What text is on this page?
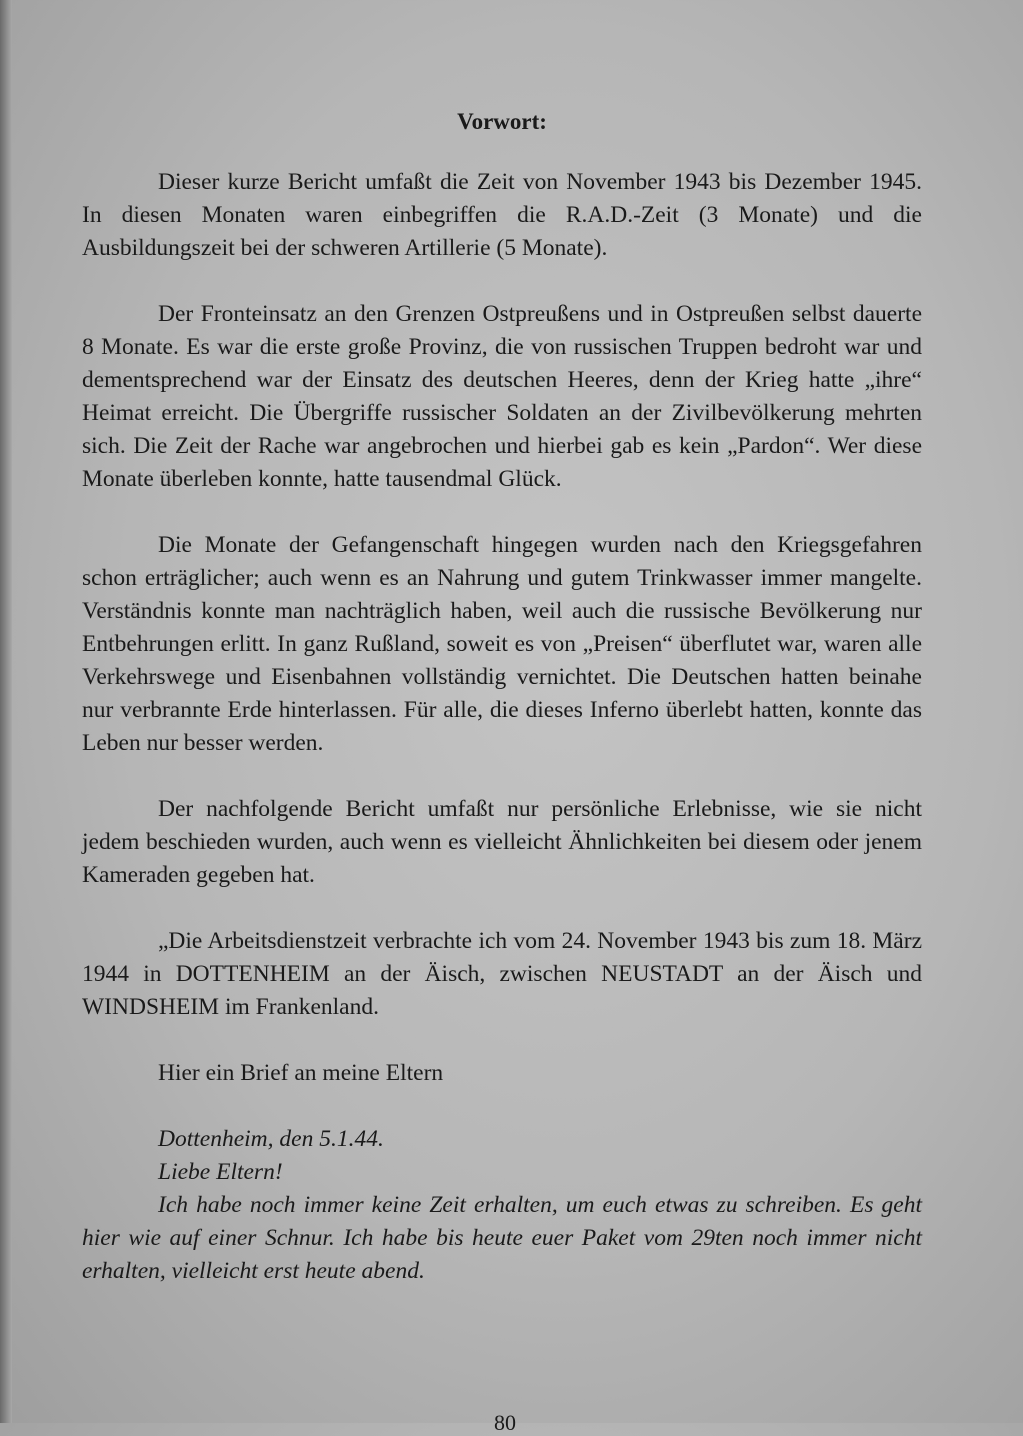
Vorwort:

Dieser kurze Bericht umfaßt die Zeit von November 1943 bis Dezember 1945. In diesen Monaten waren einbegriffen die R.A.D.-Zeit (3 Monate) und die Ausbildungszeit bei der schweren Artillerie (5 Monate).

Der Fronteinsatz an den Grenzen Ostpreußens und in Ostpreußen selbst dauerte 8 Monate. Es war die erste große Provinz, die von russischen Truppen bedroht war und dementsprechend war der Einsatz des deutschen Heeres, denn der Krieg hatte „ihre“ Heimat erreicht. Die Übergriffe russischer Soldaten an der Zivilbevölkerung mehrten sich. Die Zeit der Rache war angebrochen und hierbei gab es kein „Pardon“. Wer diese Monate überleben konnte, hatte tausendmal Glück.

Die Monate der Gefangenschaft hingegen wurden nach den Kriegsgefahren schon erträglicher; auch wenn es an Nahrung und gutem Trinkwasser immer mangelte. Verständnis konnte man nachträglich haben, weil auch die russische Bevölkerung nur Entbehrungen erlitt. In ganz Rußland, soweit es von „Preisen“ überflutet war, waren alle Verkehrswege und Eisenbahnen vollständig vernichtet. Die Deutschen hatten beinahe nur verbrannte Erde hinterlassen. Für alle, die dieses Inferno überlebt hatten, konnte das Leben nur besser werden.

Der nachfolgende Bericht umfaßt nur persönliche Erlebnisse, wie sie nicht jedem beschieden wurden, auch wenn es vielleicht Ähnlichkeiten bei diesem oder jenem Kameraden gegeben hat.

„Die Arbeitsdienstzeit verbrachte ich vom 24. November 1943 bis zum 18. März 1944 in DOTTENHEIM an der Äisch, zwischen NEUSTADT an der Äisch und WINDSHEIM im Frankenland.

Hier ein Brief an meine Eltern

Dottenheim, den 5.1.44.

Liebe Eltern!

Ich habe noch immer keine Zeit erhalten, um euch etwas zu schreiben. Es geht hier wie auf einer Schnur. Ich habe bis heute euer Paket vom 29ten noch immer nicht erhalten, vielleicht erst heute abend.

80
